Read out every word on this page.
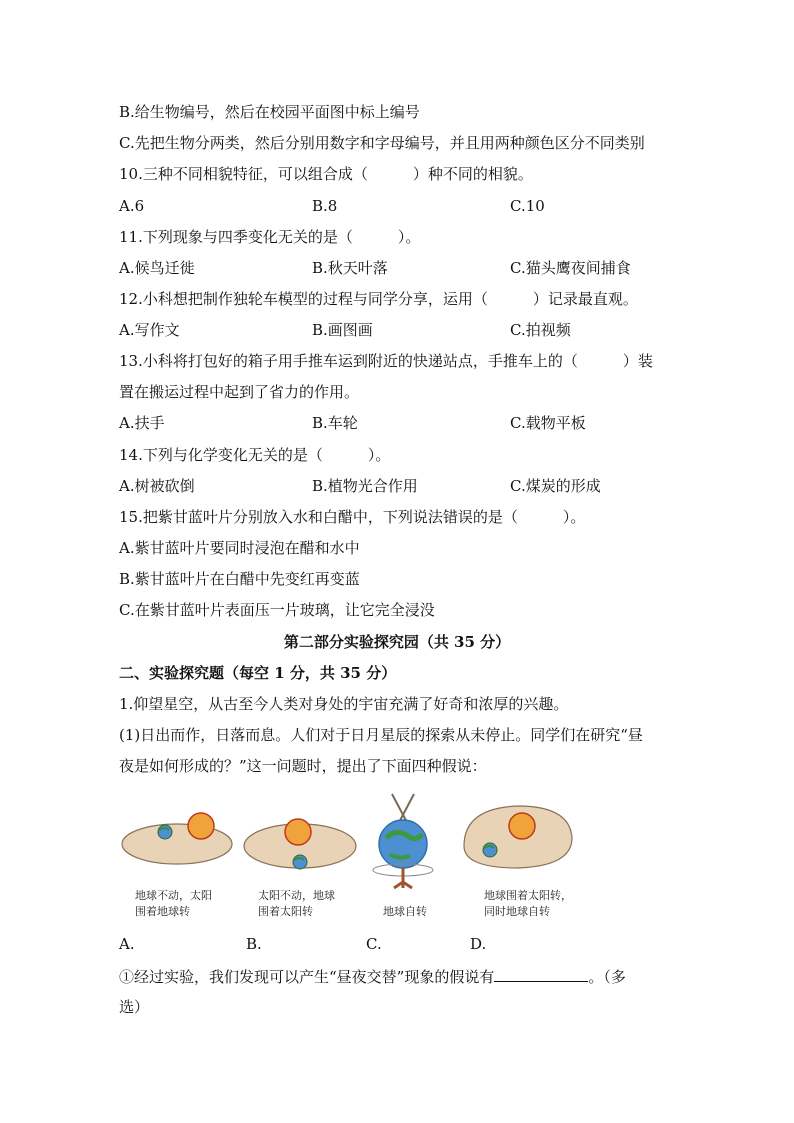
B.给生物编号，然后在校园平面图中标上编号
C.先把生物分两类，然后分别用数字和字母编号，并且用两种颜色区分不同类别
10.三种不同相貌特征，可以组合成（　　　）种不同的相貌。
A.6	B.8	C.10
11.下列现象与四季变化无关的是（　　　）。
A.候鸟迁徙	B.秋天叶落	C.猫头鹰夜间捕食
12.小科想把制作独轮车模型的过程与同学分享，运用（　　　）记录最直观。
A.写作文	B.画图画	C.拍视频
13.小科将打包好的箱子用手推车运到附近的快递站点，手推车上的（　　　）装
置在搬运过程中起到了省力的作用。
A.扶手	B.车轮	C.载物平板
14.下列与化学变化无关的是（　　　）。
A.树被砍倒	B.植物光合作用	C.煤炭的形成
15.把紫甘蓝叶片分别放入水和白醋中，下列说法错误的是（　　　）。
A.紫甘蓝叶片要同时浸泡在醋和水中
B.紫甘蓝叶片在白醋中先变红再变蓝
C.在紫甘蓝叶片表面压一片玻璃，让它完全浸没
第二部分实验探究园（共 35 分）
二、实验探究题（每空 1 分，共 35 分）
1.仰望星空，从古至今人类对身处的宇宙充满了好奇和浓厚的兴趣。
(1)日出而作，日落而息。人们对于日月星辰的探索从未停止。同学们在研究“昼
夜是如何形成的？”这一问题时，提出了下面四种假说：
地球不动，太阳
围着地球转
太阳不动，地球
围着太阳转	地球自转
地球围着太阳转，
同时地球自转
A.	B.	C.	D.
①经过实验，我们发现可以产生“昼夜交替”现象的假说有	。（多
选）
